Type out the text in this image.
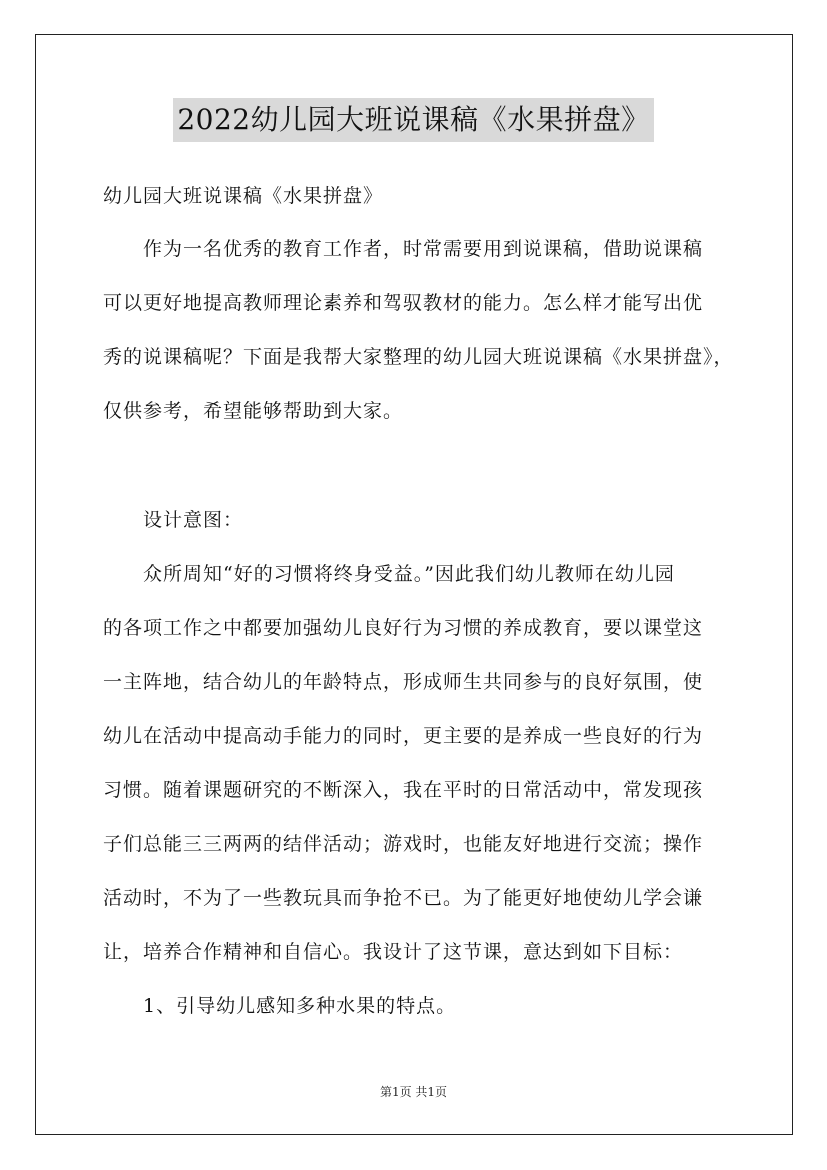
2022幼儿园大班说课稿《水果拼盘》
幼儿园大班说课稿《水果拼盘》
作为一名优秀的教育工作者，时常需要用到说课稿，借助说课稿
可以更好地提高教师理论素养和驾驭教材的能力。怎么样才能写出优
秀的说课稿呢？下面是我帮大家整理的幼儿园大班说课稿《水果拼盘》，
仅供参考，希望能够帮助到大家。
设计意图：
众所周知“好的习惯将终身受益。”因此我们幼儿教师在幼儿园
的各项工作之中都要加强幼儿良好行为习惯的养成教育，要以课堂这
一主阵地，结合幼儿的年龄特点，形成师生共同参与的良好氛围，使
幼儿在活动中提高动手能力的同时，更主要的是养成一些良好的行为
习惯。随着课题研究的不断深入，我在平时的日常活动中，常发现孩
子们总能三三两两的结伴活动；游戏时，也能友好地进行交流；操作
活动时，不为了一些教玩具而争抢不已。为了能更好地使幼儿学会谦
让，培养合作精神和自信心。我设计了这节课，意达到如下目标：
1、引导幼儿感知多种水果的特点。
第1页 共1页
